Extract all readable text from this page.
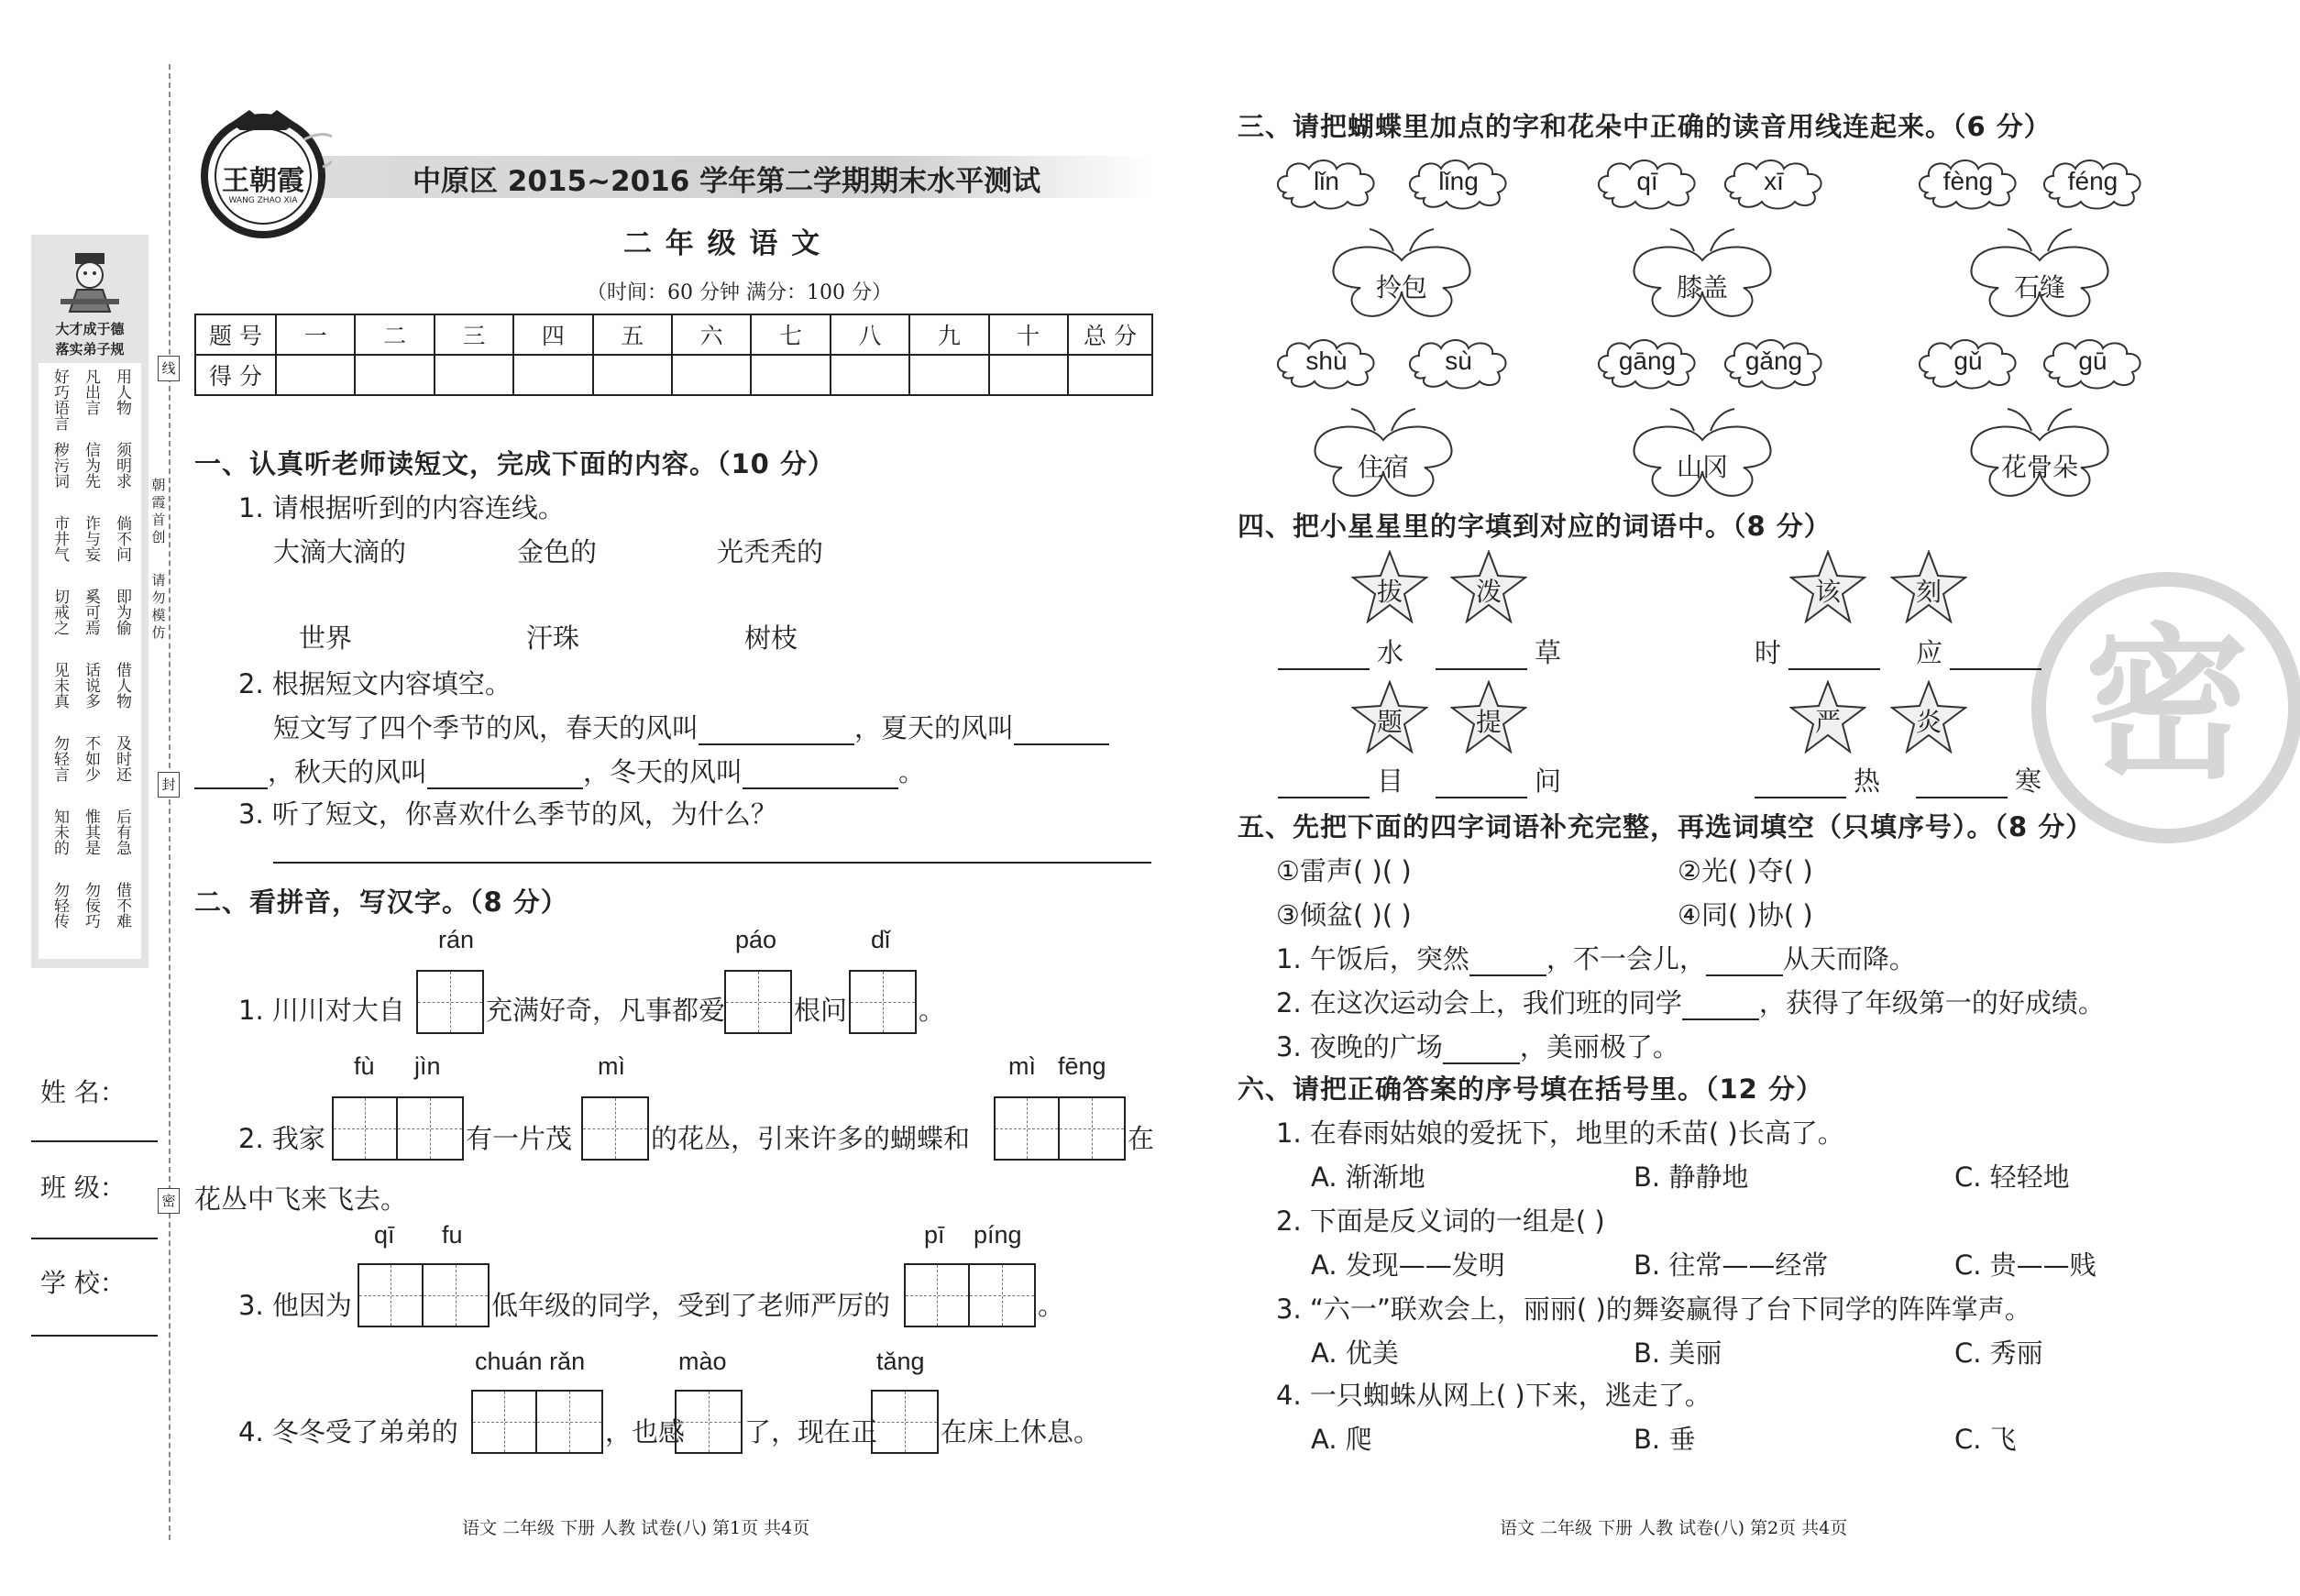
大才成于德
落实弟子规
好巧语言 凡出言 用人物
秽污词 信为先 须明求
市井气 诈与妄 倘不问
切戒之 奚可焉 即为偷
见未真 话说多 借人物
勿轻言 不如少 及时还
知未的 惟其是 后有急
勿轻传 勿佞巧 借不难
姓 名：
班 级：
学 校：
线
封
密
朝
霞
首
创
请
勿
模
仿
王朝霞
WANG ZHAO XIA
中原区 2015~2016 学年第二学期期末水平测试
二 年 级 语 文
（时间：60 分钟 满分：100 分）
题 号	一	二	三	四	五	六	七	八	九	十	总 分
得 分											
一、认真听老师读短文，完成下面的内容。（10 分）
1. 请根据听到的内容连线。
大滴大滴的	金色的	光秃秃的
世界	汗珠	树枝
2. 根据短文内容填空。
短文写了四个季节的风，春天的风叫	，夏天的风叫
，秋天的风叫	，冬天的风叫	。
3. 听了短文，你喜欢什么季节的风，为什么？
二、看拼音，写汉字。（8 分）
rán	páo	dǐ
1. 川川对大自	充满好奇，凡事都爱	根问	。
fù jìn	mì	mì fēng
2. 我家	有一片茂	的花丛，引来许多的蝴蝶和	在
花丛中飞来飞去。
qī fu	pī píng
3. 他因为	低年级的同学，受到了老师严厉的	。
chuán rǎn	mào	tǎng
4. 冬冬受了弟弟的	，也感 了，现在正 在床上休息。
语文 二年级 下册 人教 试卷(八) 第1页 共4页
密
三、请把蝴蝶里加点的字和花朵中正确的读音用线连起来。（6 分）
lǐn	lǐng	qī	xī	fèng	féng
拎包	膝盖	石缝
shù	sù	gāng	gǎng	gǔ	gū
住宿	山冈	花骨朵
四、把小星星里的字填到对应的词语中。（8 分）
拔	泼	该	刻
题	提	严	炎
水	草
目	问
时	应
热	寒
五、先把下面的四字词语补充完整，再选词填空（只填序号）。（8 分）
①雷声( )( )	②光( )夺( )
③倾盆( )( )	④同( )协( )
1. 午饭后，突然	，不一会儿，	从天而降。
2. 在这次运动会上，我们班的同学	，获得了年级第一的好成绩。
3. 夜晚的广场	，美丽极了。
六、请把正确答案的序号填在括号里。（12 分）
1. 在春雨姑娘的爱抚下，地里的禾苗( )长高了。
A. 渐渐地	B. 静静地	C. 轻轻地
2. 下面是反义词的一组是( )
A. 发现——发明	B. 往常——经常	C. 贵——贱
3. “六一”联欢会上，丽丽( )的舞姿赢得了台下同学的阵阵掌声。
A. 优美	B. 美丽	C. 秀丽
4. 一只蜘蛛从网上( )下来，逃走了。
A. 爬	B. 垂	C. 飞
语文 二年级 下册 人教 试卷(八) 第2页 共4页
